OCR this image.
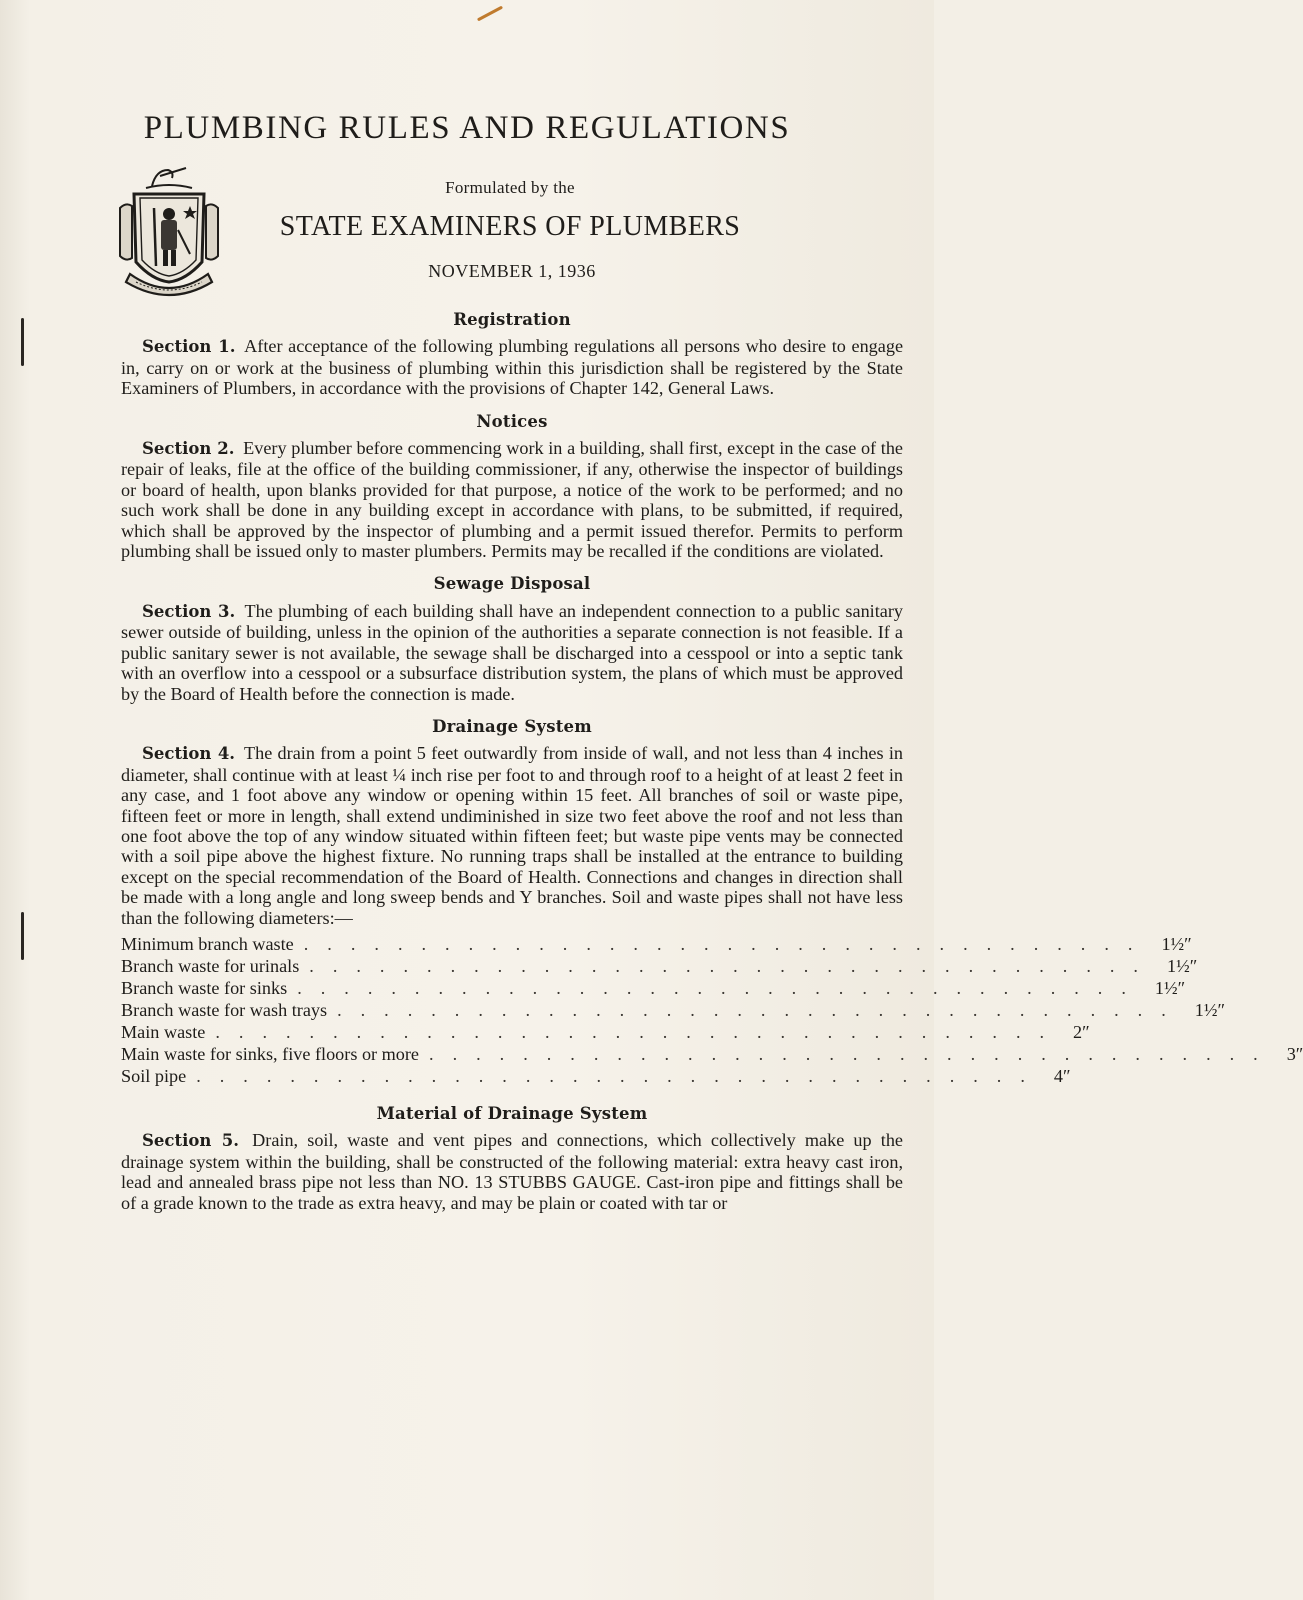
PLUMBING RULES AND REGULATIONS
Formulated by the
STATE EXAMINERS OF PLUMBERS
NOVEMBER 1, 1936
Registration

Section 1. After acceptance of the following plumbing regulations all persons who desire to engage in, carry on or work at the business of plumbing within this jurisdiction shall be registered by the State Examiners of Plumbers, in accordance with the provisions of Chapter 142, General Laws.

Notices

Section 2. Every plumber before commencing work in a building, shall first, except in the case of the repair of leaks, file at the office of the building commissioner, if any, otherwise the inspector of buildings or board of health, upon blanks provided for that purpose, a notice of the work to be performed; and no such work shall be done in any building except in accordance with plans, to be submitted, if required, which shall be approved by the inspector of plumbing and a permit issued therefor. Permits to perform plumbing shall be issued only to master plumbers. Permits may be recalled if the conditions are violated.

Sewage Disposal

Section 3. The plumbing of each building shall have an independent connection to a public sanitary sewer outside of building, unless in the opinion of the authorities a separate connection is not feasible. If a public sanitary sewer is not available, the sewage shall be discharged into a cesspool or into a septic tank with an overflow into a cesspool or a subsurface distribution system, the plans of which must be approved by the Board of Health before the connection is made.

Drainage System

Section 4. The drain from a point 5 feet outwardly from inside of wall, and not less than 4 inches in diameter, shall continue with at least ¼ inch rise per foot to and through roof to a height of at least 2 feet in any case, and 1 foot above any window or opening within 15 feet. All branches of soil or waste pipe, fifteen feet or more in length, shall extend undiminished in size two feet above the roof and not less than one foot above the top of any window situated within fifteen feet; but waste pipe vents may be connected with a soil pipe above the highest fixture. No running traps shall be installed at the entrance to building except on the special recommendation of the Board of Health. Connections and changes in direction shall be made with a long angle and long sweep bends and Y branches. Soil and waste pipes shall not have less than the following diameters:—

Minimum branch waste .................................... 1½″
Branch waste for urinals .................................... 1½″
Branch waste for sinks .................................... 1½″
Branch waste for wash trays .................................... 1½″
Main waste .................................... 2″
Main waste for sinks, five floors or more .................................... 3″
Soil pipe .................................... 4″
Material of Drainage System

Section 5. Drain, soil, waste and vent pipes and connections, which collectively make up the drainage system within the building, shall be constructed of the following material: extra heavy cast iron, lead and annealed brass pipe not less than NO. 13 STUBBS GAUGE. Cast-iron pipe and fittings shall be of a grade known to the trade as extra heavy, and may be plain or coated with tar or
